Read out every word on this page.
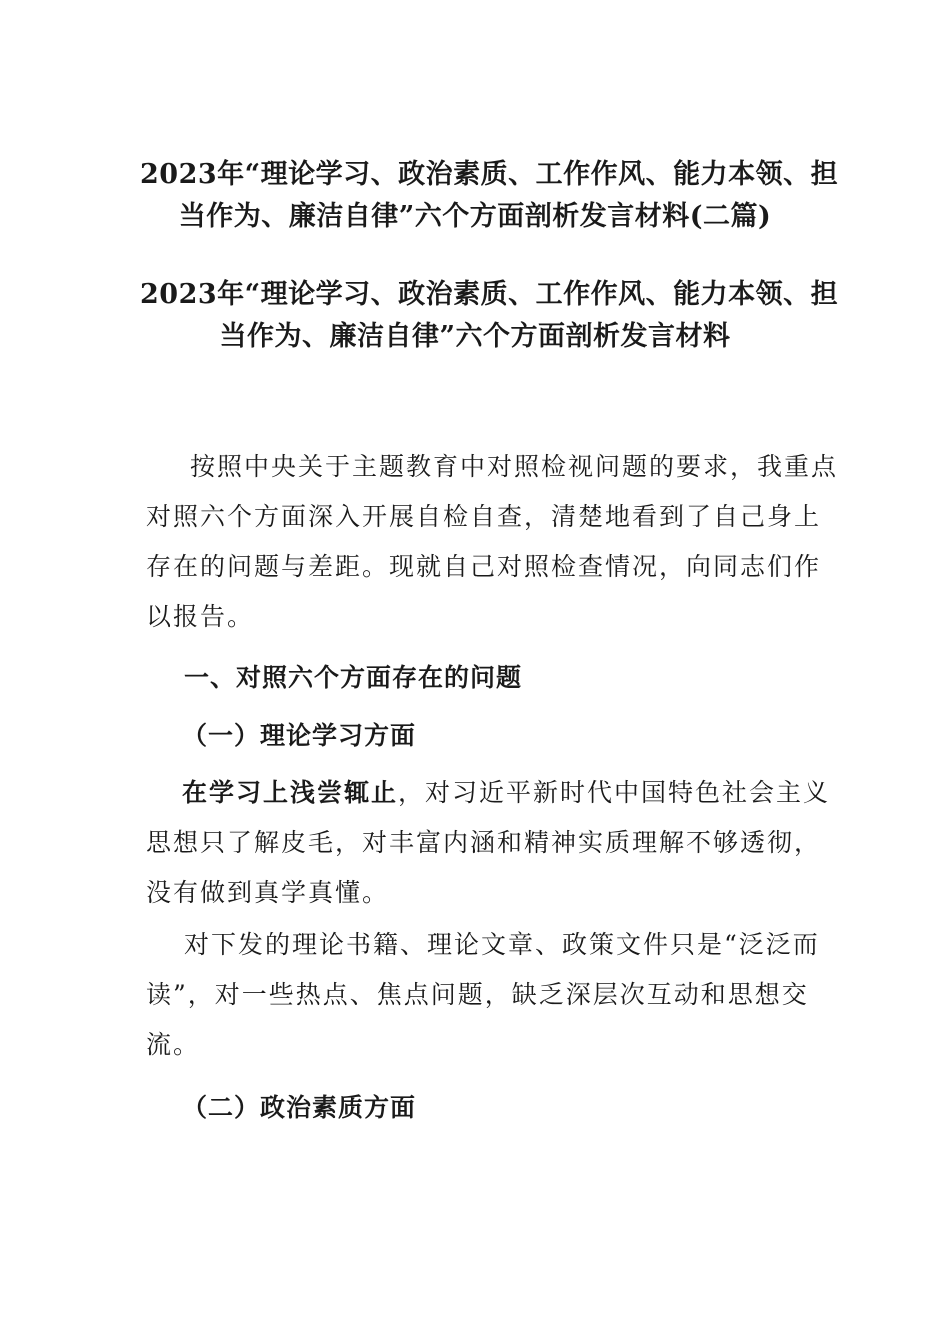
2023年“理论学习、政治素质、工作作风、能力本领、担
当作为、廉洁自律”六个方面剖析发言材料(二篇)
2023年“理论学习、政治素质、工作作风、能力本领、担
当作为、廉洁自律”六个方面剖析发言材料
按照中央关于主题教育中对照检视问题的要求，我重点
对照六个方面深入开展自检自查，清楚地看到了自己身上
存在的问题与差距。现就自己对照检查情况，向同志们作
以报告。
一、对照六个方面存在的问题
（一）理论学习方面
在学习上浅尝辄止，对习近平新时代中国特色社会主义
思想只了解皮毛，对丰富内涵和精神实质理解不够透彻，
没有做到真学真懂。
对下发的理论书籍、理论文章、政策文件只是“泛泛而
读”，对一些热点、焦点问题，缺乏深层次互动和思想交
流。
（二）政治素质方面
